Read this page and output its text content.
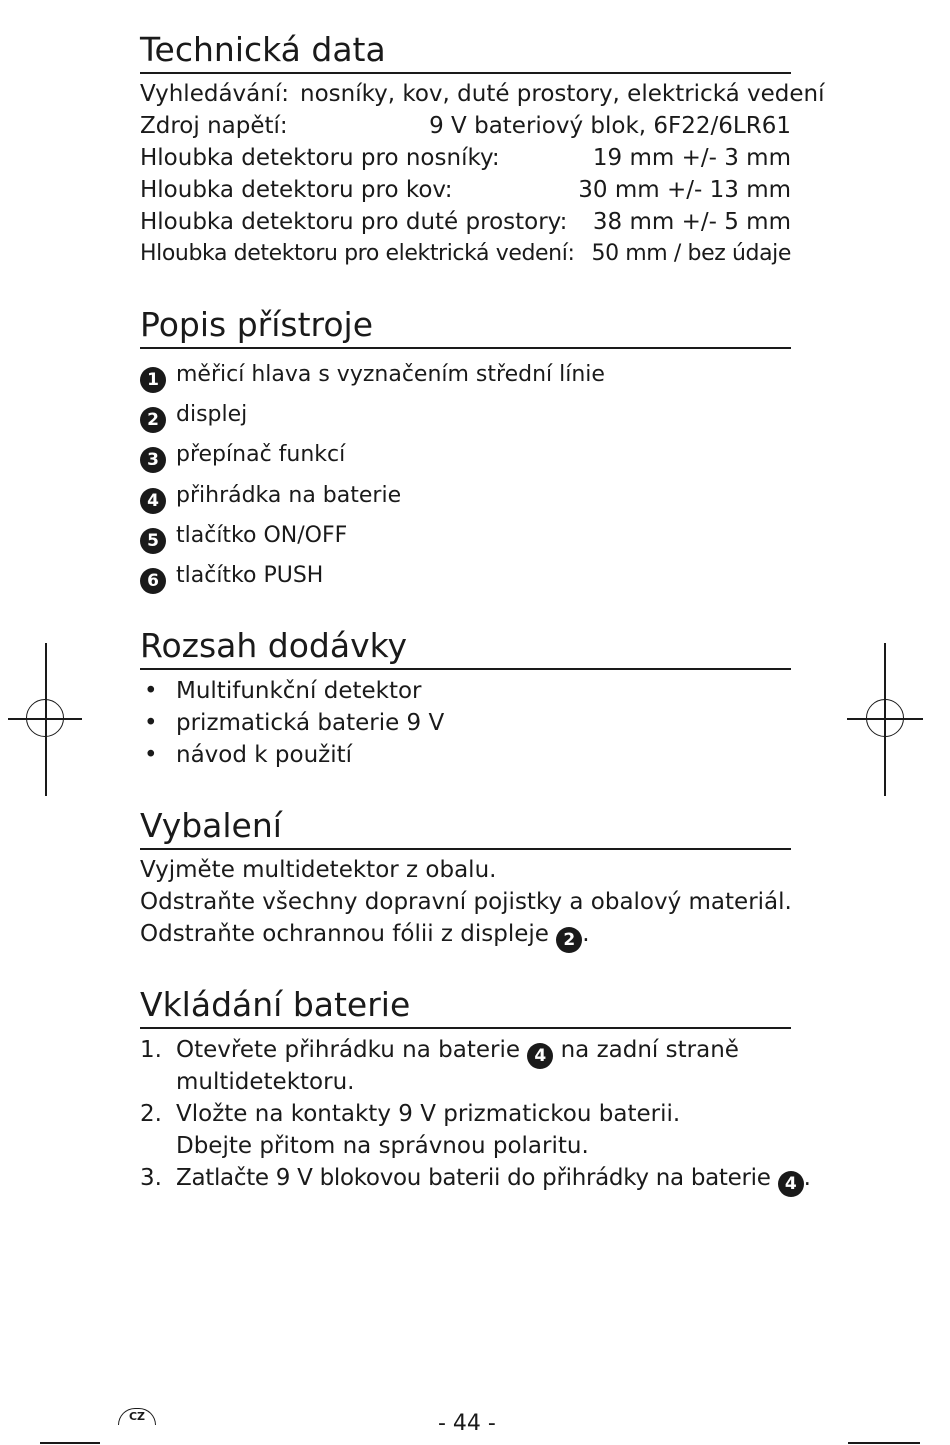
Technická data
Vyhledávání: nosníky, kov, duté prostory, elektrická vedení
Zdroj napětí:	9 V bateriový blok, 6F22/6LR61
Hloubka detektoru pro nosníky:	19 mm +/- 3 mm
Hloubka detektoru pro kov:	30 mm +/- 13 mm
Hloubka detektoru pro duté prostory: 38 mm +/- 5 mm
Hloubka detektoru pro elektrická vedení: 50 mm / bez údaje
Popis přístroje
1 měřicí hlava s vyznačením střední línie
2 displej
3 přepínač funkcí
4 přihrádka na baterie
5 tlačítko ON/OFF
6 tlačítko PUSH
Rozsah dodávky
• Multifunkční detektor
• prizmatická baterie 9 V
• návod k použití
Vybalení
Vyjměte multidetektor z obalu.
Odstraňte všechny dopravní pojistky a obalový materiál.
Odstraňte ochrannou fólii z displeje 2 .
Vkládání baterie
1. Otevřete přihrádku na baterie 4 na zadní straně
multidetektoru.
2. Vložte na kontakty 9 V prizmatickou baterii.
Dbejte přitom na správnou polaritu.
3. Zatlačte 9 V blokovou baterii do přihrádky na baterie 4 .
CZ	- 44 -
